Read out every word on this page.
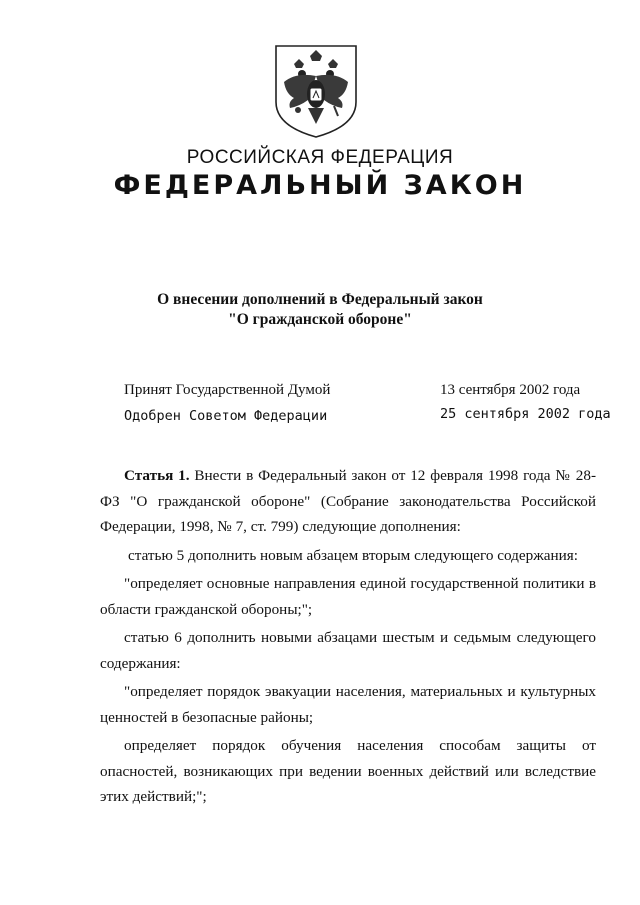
РОССИЙСКАЯ ФЕДЕРАЦИЯ
ФЕДЕРАЛЬНЫЙ ЗАКОН
О внесении дополнений в Федеральный закон
"О гражданской обороне"
Принят Государственной Думой	13 сентября 2002 года
Одобрен Советом Федерации	25 сентября 2002 года

Статья 1. Внести в Федеральный закон от 12 февраля 1998 года № 28-ФЗ "О гражданской обороне" (Собрание законодательства Российской Федерации, 1998, № 7, ст. 799) следующие дополнения:

статью 5 дополнить новым абзацем вторым следующего содержания:

"определяет основные направления единой государственной политики в области гражданской обороны;";

статью 6 дополнить новыми абзацами шестым и седьмым следующего содержания:

"определяет порядок эвакуации населения, материальных и культурных ценностей в безопасные районы;

определяет порядок обучения населения способам защиты от опасностей, возникающих при ведении военных действий или вследствие этих действий;";
